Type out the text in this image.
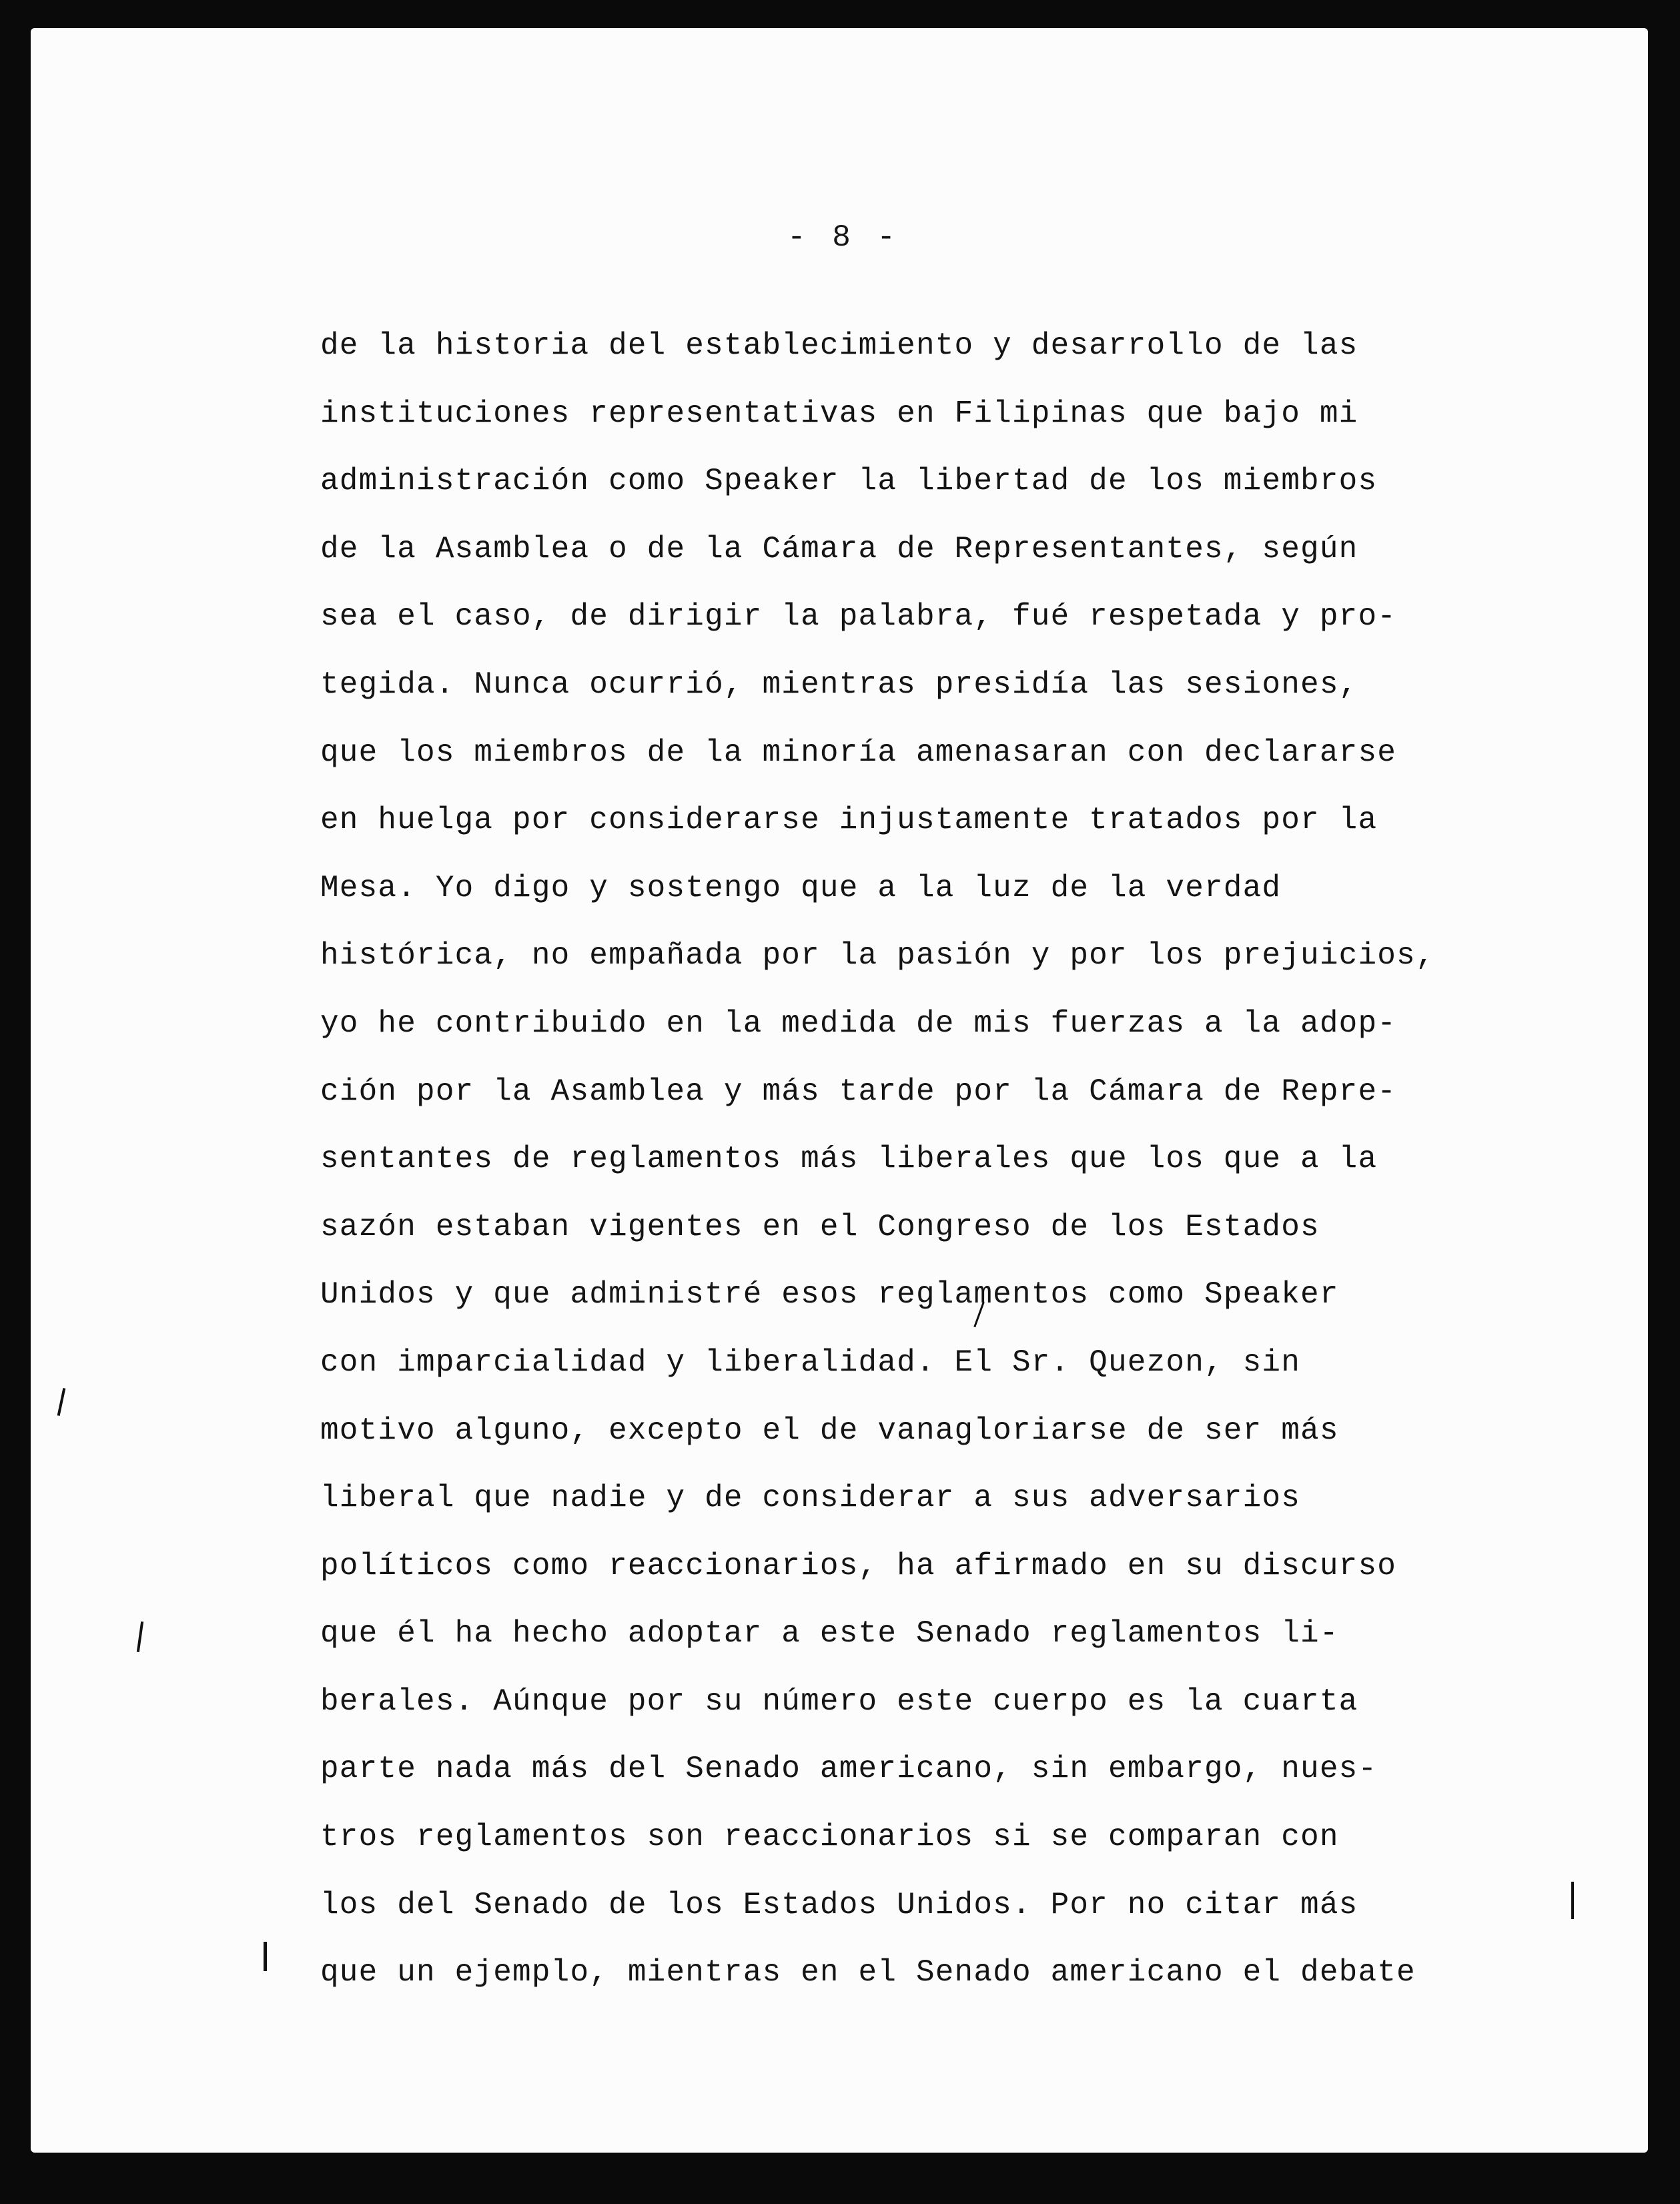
- 8 -
de la historia del establecimiento y desarrollo de las
instituciones representativas en Filipinas que bajo mi
administración como Speaker la libertad de los miembros
de la Asamblea o de la Cámara de Representantes, según
sea el caso, de dirigir la palabra, fué respetada y pro-
tegida. Nunca ocurrió, mientras presidía las sesiones,
que los miembros de la minoría amenasaran con declararse
en huelga por considerarse injustamente tratados por la
Mesa. Yo digo y sostengo que a la luz de la verdad
histórica, no empañada por la pasión y por los prejuicios,
yo he contribuido en la medida de mis fuerzas a la adop-
ción por la Asamblea y más tarde por la Cámara de Repre-
sentantes de reglamentos más liberales que los que a la
sazón estaban vigentes en el Congreso de los Estados
Unidos y que administré esos reglamentos como Speaker
con imparcialidad y liberalidad. El Sr. Quezon, sin
motivo alguno, excepto el de vanagloriarse de ser más
liberal que nadie y de considerar a sus adversarios
políticos como reaccionarios, ha afirmado en su discurso
que él ha hecho adoptar a este Senado reglamentos li-
berales. Aúnque por su número este cuerpo es la cuarta
parte nada más del Senado americano, sin embargo, nues-
tros reglamentos son reaccionarios si se comparan con
los del Senado de los Estados Unidos. Por no citar más
que un ejemplo, mientras en el Senado americano el debate
